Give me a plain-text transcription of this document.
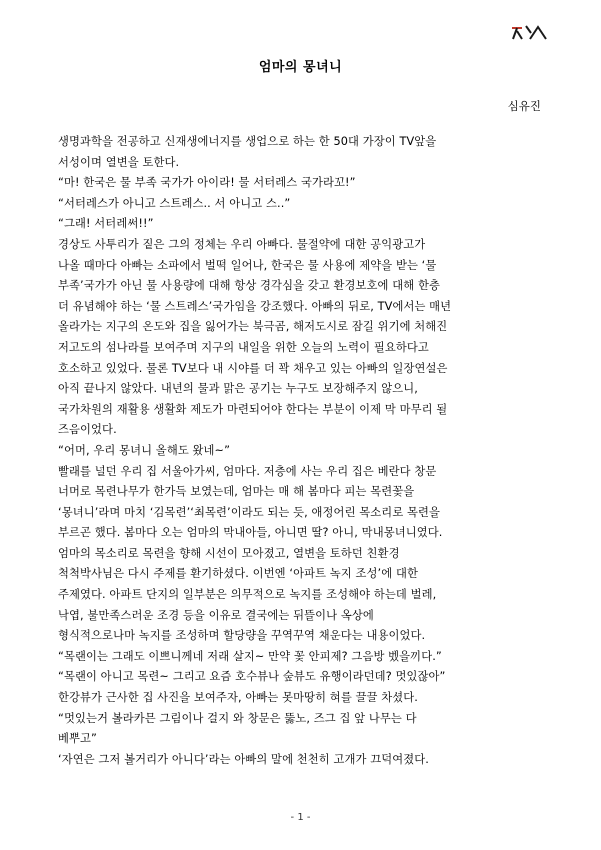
엄마의 몽녀니
심유진
생명과학을 전공하고 신재생에너지를 생업으로 하는 한 50대 가장이 TV앞을
서성이며 열변을 토한다.
“마! 한국은 물 부족 국가가 아이라! 물 서터레스 국가라꼬!”
“서터레스가 아니고 스트레스.. 서 아니고 스..”
“그래! 서터레써!!”
경상도 사투리가 짙은 그의 정체는 우리 아빠다. 물절약에 대한 공익광고가
나올 때마다 아빠는 소파에서 벌떡 일어나, 한국은 물 사용에 제약을 받는 ‘물
부족’국가가 아닌 물 사용량에 대해 항상 경각심을 갖고 환경보호에 대해 한층
더 유념해야 하는 ‘물 스트레스’국가임을 강조했다. 아빠의 뒤로, TV에서는 매년
올라가는 지구의 온도와 집을 잃어가는 북극곰, 해저도시로 잠길 위기에 처해진
저고도의 섬나라를 보여주며 지구의 내일을 위한 오늘의 노력이 필요하다고
호소하고 있었다. 물론 TV보다 내 시야를 더 꽉 채우고 있는 아빠의 일장연설은
아직 끝나지 않았다. 내년의 물과 맑은 공기는 누구도 보장해주지 않으니,
국가차원의 재활용 생활화 제도가 마련되어야 한다는 부분이 이제 막 마무리 될
즈음이었다.
“어머, 우리 몽녀니 올해도 왔네~”
빨래를 널던 우리 집 서울아가씨, 엄마다. 저층에 사는 우리 집은 베란다 창문
너머로 목련나무가 한가득 보였는데, 엄마는 매 해 봄마다 피는 목련꽃을
‘몽녀니’라며 마치 ‘김목련’‘최목련’이라도 되는 듯, 애정어린 목소리로 목련을
부르곤 했다. 봄마다 오는 엄마의 막내아들, 아니면 딸? 아니, 막내몽녀니였다.
엄마의 목소리로 목련을 향해 시선이 모아졌고, 열변을 토하던 친환경
척척박사님은 다시 주제를 환기하셨다. 이번엔 ‘아파트 녹지 조성’에 대한
주제였다. 아파트 단지의 일부분은 의무적으로 녹지를 조성해야 하는데 벌레,
낙엽, 불만족스러운 조경 등을 이유로 결국에는 뒤뜰이나 옥상에
형식적으로나마 녹지를 조성하며 할당량을 꾸역꾸역 채운다는 내용이었다.
“목랜이는 그래도 이쁘니께네 저래 살지~ 만약 꽃 안피제? 그음방 벴을끼다.”
“목랜이 아니고 목련~ 그리고 요즘 호수뷰나 숲뷰도 유행이라던데? 멋있잖아”
한강뷰가 근사한 집 사진을 보여주자, 아빠는 못마땅히 혀를 끌끌 차셨다.
“멋있는거 볼라카믄 그림이나 걸지 와 창문은 뚫노, 즈그 집 앞 나무는 다
베뿌고”
‘자연은 그저 볼거리가 아니다’라는 아빠의 말에 천천히 고개가 끄덕여졌다.
- 1 -
